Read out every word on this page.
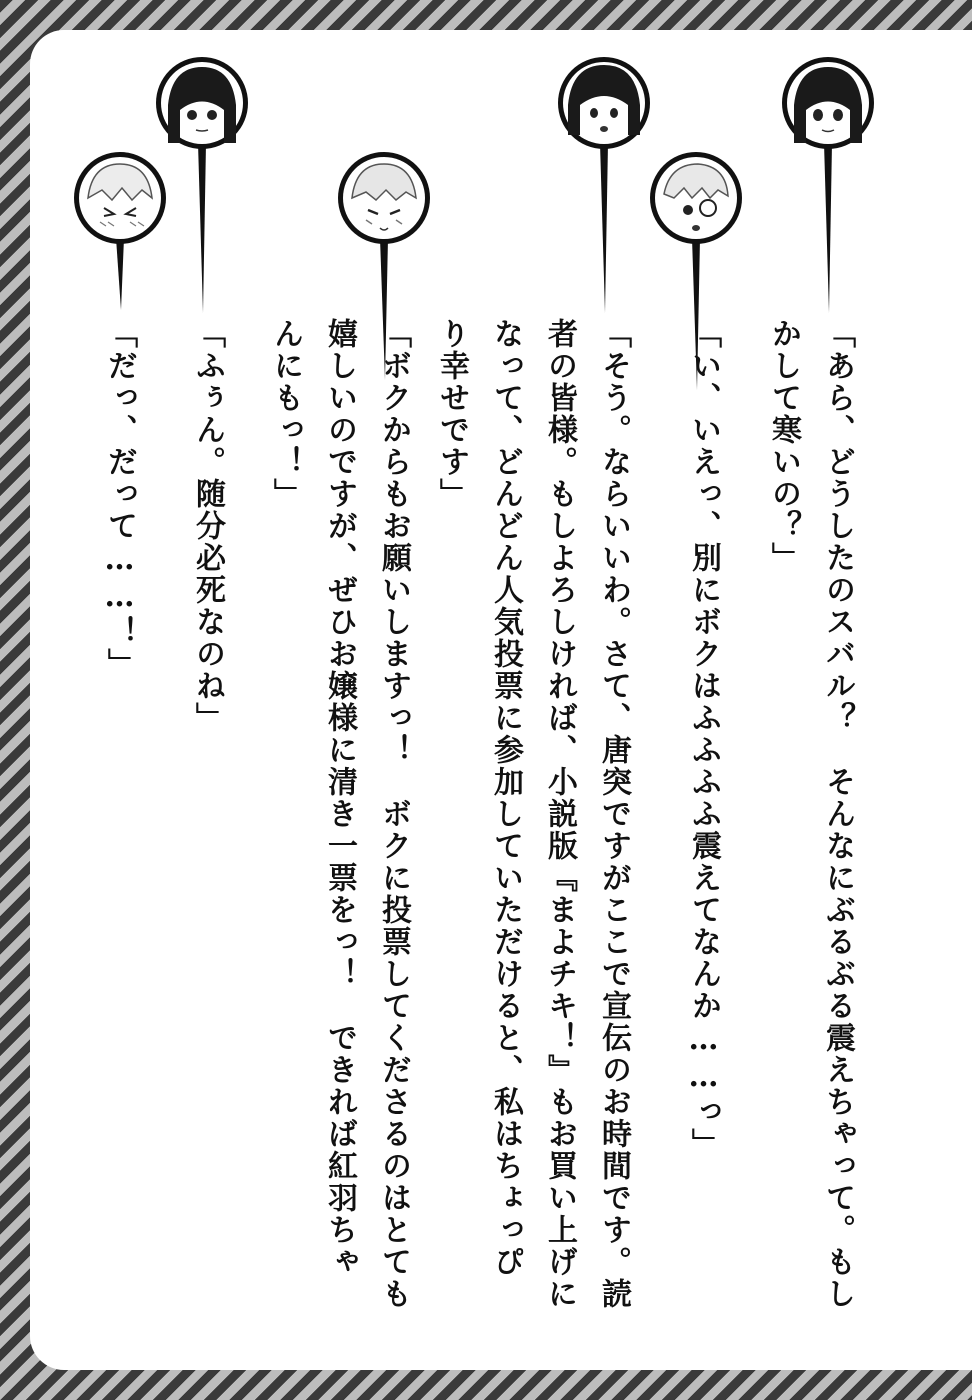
「あら、どうしたのスバル？　そんなにぶるぶる震えちゃって。もし
かして寒いの？」
「い、いえっ、別にボクはふふふふ震えてなんか……っ」
「そう。ならいいわ。さて、唐突ですがここで宣伝のお時間です。読
者の皆様。もしよろしければ、小説版『まよチキ！』もお買い上げに
なって、どんどん人気投票に参加していただけると、私はちょっぴ
り幸せです」
「ボクからもお願いしますっ！　ボクに投票してくださるのはとても
嬉しいのですが、ぜひお嬢様に清き一票をっ！　できれば紅羽ちゃ
んにもっ！」
「ふぅん。随分必死なのね」
「だっ、だって……！」
